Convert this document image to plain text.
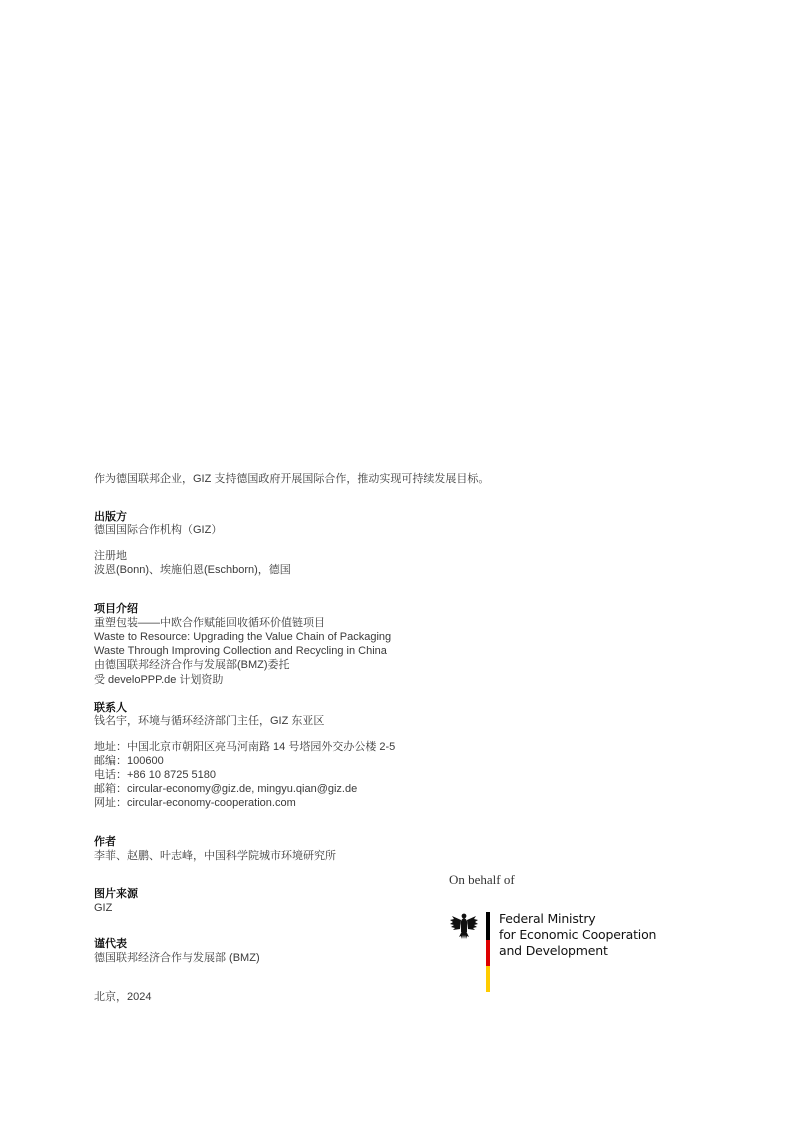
作为德国联邦企业，GIZ 支持德国政府开展国际合作，推动实现可持续发展目标。
出版方
德国国际合作机构（GIZ）
注册地
波恩(Bonn)、埃施伯恩(Eschborn)，德国
项目介绍
重塑包装——中欧合作赋能回收循环价值链项目
Waste to Resource: Upgrading the Value Chain of Packaging
Waste Through Improving Collection and Recycling in China
由德国联邦经济合作与发展部(BMZ)委托
受 develoPPP.de 计划资助
联系人
钱名宇，环境与循环经济部门主任，GIZ 东亚区
地址：中国北京市朝阳区亮马河南路 14 号塔园外交办公楼 2-5
邮编：100600
电话：+86 10 8725 5180
邮箱：circular-economy@giz.de, mingyu.qian@giz.de
网址：circular-economy-cooperation.com
作者
李菲、赵鹏、叶志峰，中国科学院城市环境研究所
图片来源
GIZ
谨代表
德国联邦经济合作与发展部 (BMZ)
北京，2024
On behalf of
Federal Ministry
for Economic Cooperation
and Development
